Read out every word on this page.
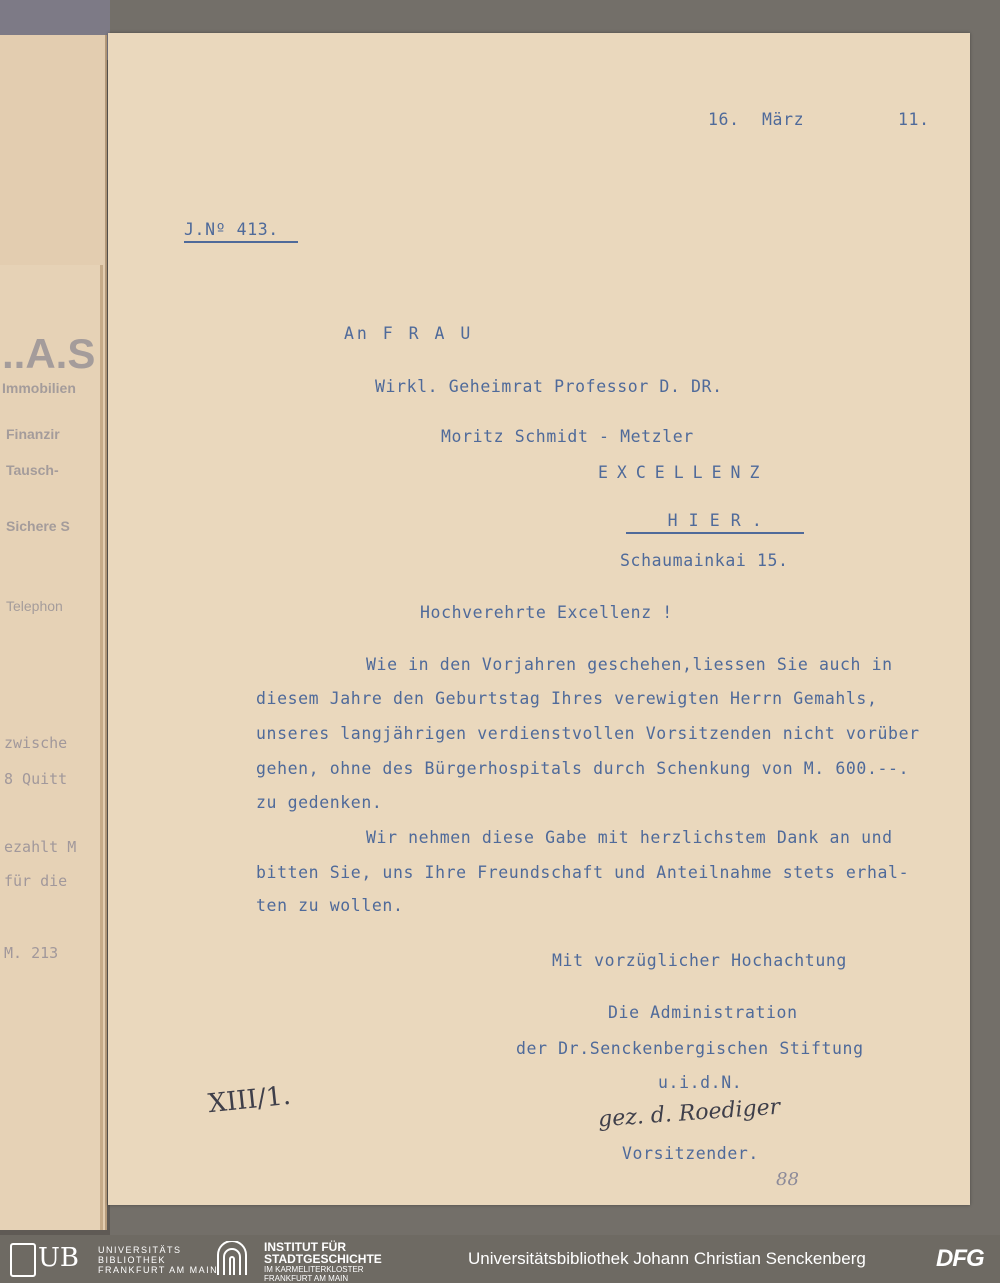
..A.S
Immobilien
Finanzir
Tausch-
Sichere S
Telephon
zwische
8 Quitt
ezahlt M
für die
M. 213
16. März	11.
J.Nº 413.
An F R A U
Wirkl. Geheimrat Professor D. DR.
Moritz Schmidt - Metzler
EXCELLENZ
H I E R .
Schaumainkai 15.
Hochverehrte Excellenz !
Wie in den Vorjahren geschehen,liessen Sie auch in
diesem Jahre den Geburtstag Ihres verewigten Herrn Gemahls,
unseres langjährigen verdienstvollen Vorsitzenden nicht vorüber
gehen, ohne des Bürgerhospitals durch Schenkung von M. 600.--.
zu gedenken.
Wir nehmen diese Gabe mit herzlichstem Dank an und
bitten Sie, uns Ihre Freundschaft und Anteilnahme stets erhal-
ten zu wollen.
Mit vorzüglicher Hochachtung
Die Administration
der Dr.Senckenbergischen Stiftung
u.i.d.N.
gez. d. Roediger
Vorsitzender.
XIII/1.
88
UB UNIVERSITÄTS
BIBLIOTHEK
FRANKFURT AM MAIN
INSTITUT FÜR
STADTGESCHICHTE
IM KARMELITERKLOSTER
FRANKFURT AM MAIN
Universitätsbibliothek Johann Christian Senckenberg	DFG
